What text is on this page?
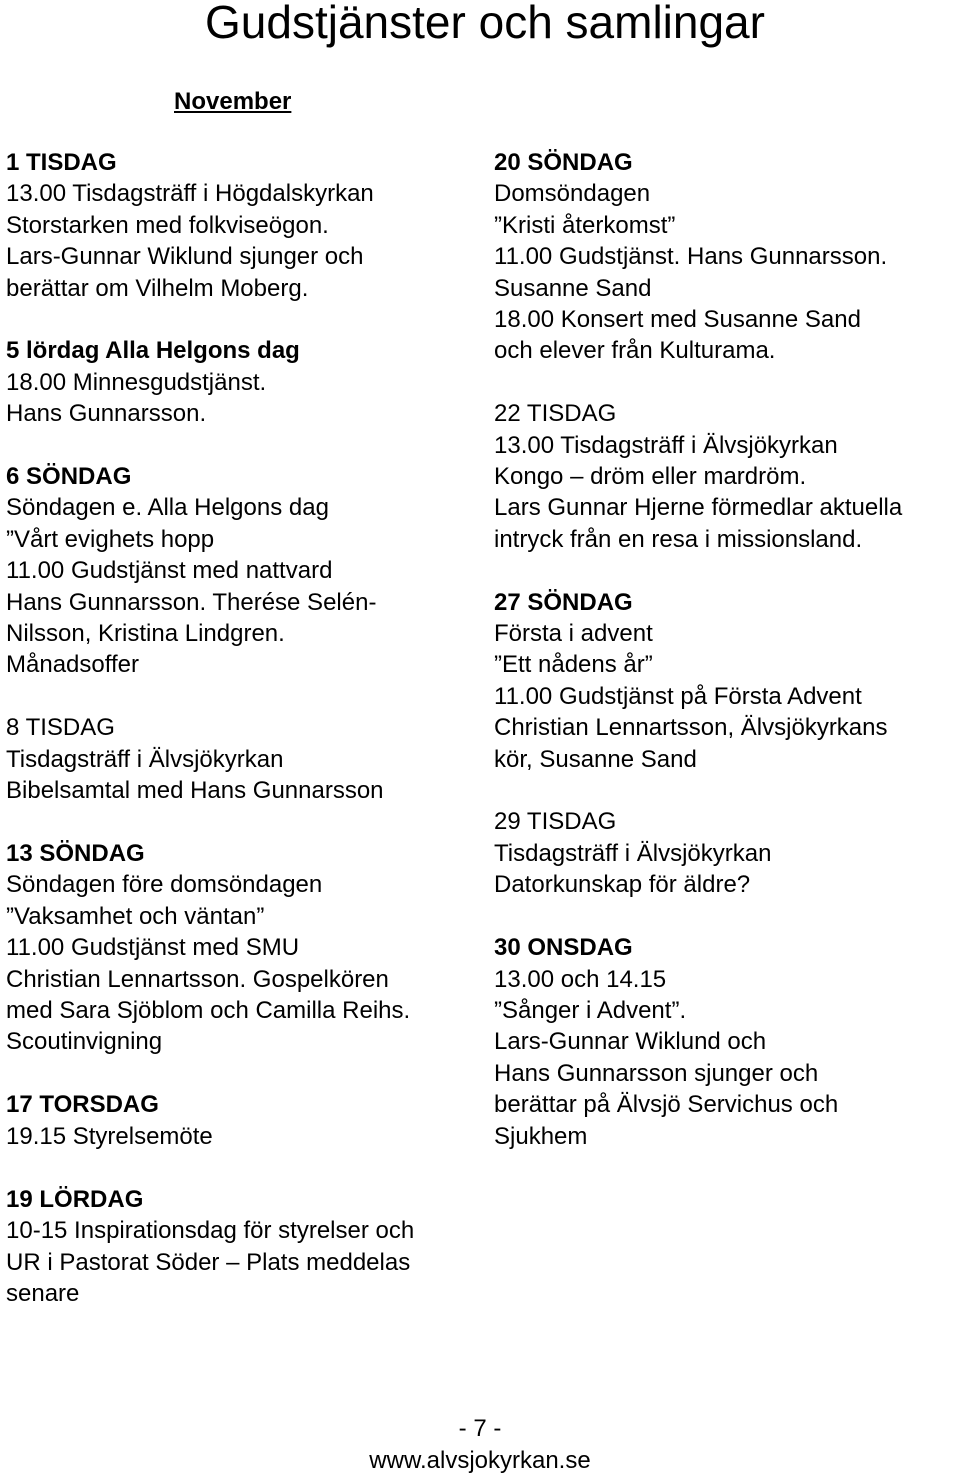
Gudstjänster och samlingar
November
1 TISDAG
13.00 Tisdagsträff i Högdalskyrkan
Storstarken med folkviseögon.
Lars-Gunnar Wiklund sjunger och
berättar om Vilhelm Moberg.
5 lördag Alla Helgons dag
18.00 Minnesgudstjänst.
Hans Gunnarsson.
6 SÖNDAG
Söndagen e. Alla Helgons dag
”Vårt evighets hopp
11.00 Gudstjänst med nattvard
Hans Gunnarsson. Therése Selén-
Nilsson, Kristina Lindgren.
Månadsoffer
8 TISDAG
Tisdagsträff i Älvsjökyrkan
Bibelsamtal med Hans Gunnarsson
13 SÖNDAG
Söndagen före domsöndagen
”Vaksamhet och väntan”
11.00 Gudstjänst med SMU
Christian Lennartsson. Gospelkören
med Sara Sjöblom och Camilla Reihs.
Scoutinvigning
17 TORSDAG
19.15 Styrelsemöte
20 SÖNDAG
Domsöndagen
”Kristi återkomst”
11.00 Gudstjänst. Hans Gunnarsson.
Susanne Sand
18.00 Konsert med Susanne Sand
och elever från Kulturama.
22 TISDAG
13.00 Tisdagsträff i Älvsjökyrkan
Kongo – dröm eller mardröm.
Lars Gunnar Hjerne förmedlar aktuella
intryck från en resa i missionsland.
27 SÖNDAG
Första i advent
”Ett nådens år”
11.00 Gudstjänst på Första Advent
Christian Lennartsson, Älvsjökyrkans
kör, Susanne Sand
29 TISDAG
Tisdagsträff i Älvsjökyrkan
Datorkunskap för äldre?
30 ONSDAG
13.00 och 14.15
”Sånger i Advent”.
Lars-Gunnar Wiklund och
Hans Gunnarsson sjunger och
berättar på Älvsjö Servichus och
Sjukhem
19 LÖRDAG
10-15 Inspirationsdag för styrelser och
UR i Pastorat Söder – Plats meddelas
senare
- 7 -
www.alvsjokyrkan.se
